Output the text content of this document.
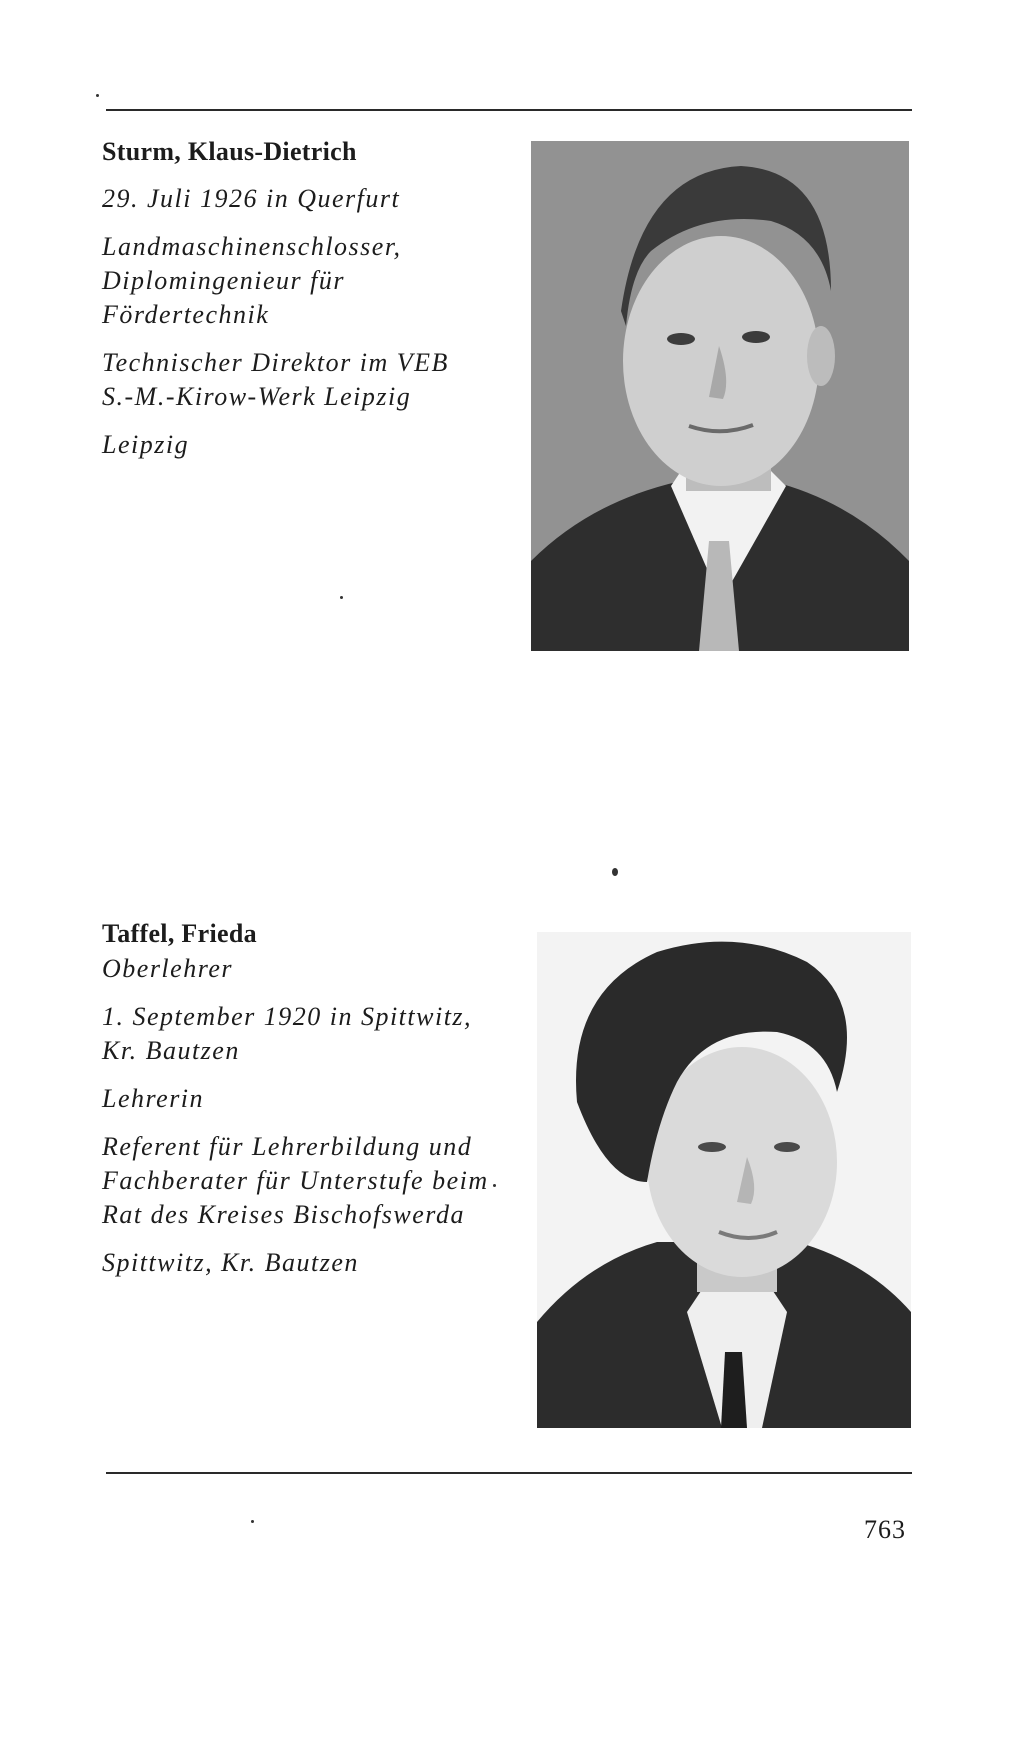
Sturm, Klaus-Dietrich

29. Juli 1926 in Querfurt

Landmaschinenschlosser,

Diplomingenieur für

Fördertechnik

Technischer Direktor im VEB

S.-M.-Kirow-Werk Leipzig

Leipzig

Taffel, Frieda

Oberlehrer

1. September 1920 in Spittwitz,

Kr. Bautzen

Lehrerin

Referent für Lehrerbildung und

Fachberater für Unterstufe beim

Rat des Kreises Bischofswerda

Spittwitz, Kr. Bautzen

763
